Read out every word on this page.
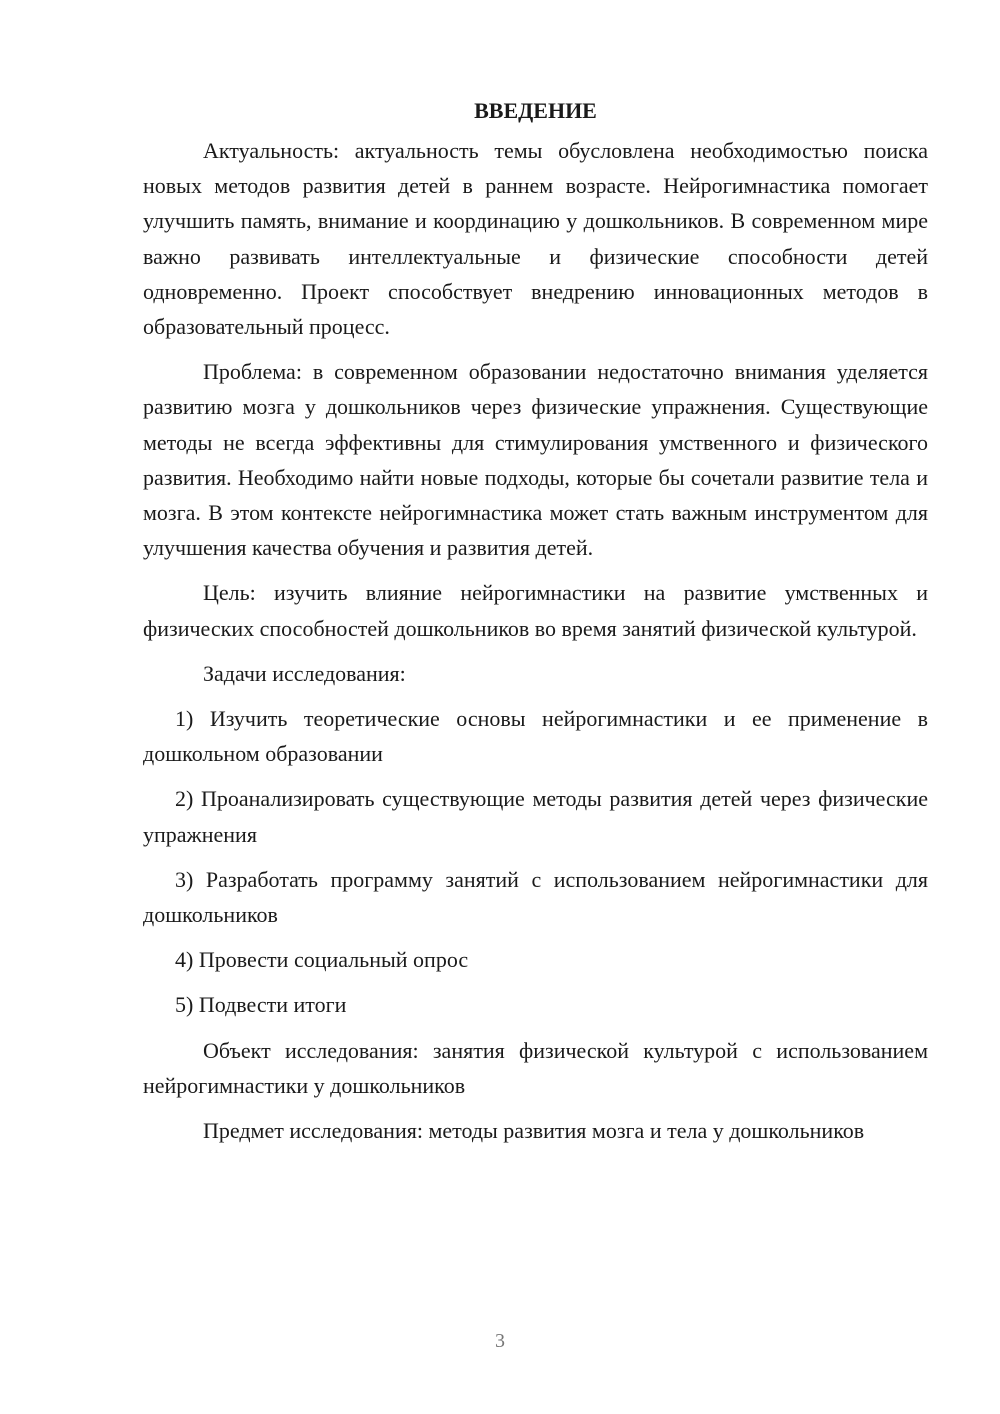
ВВЕДЕНИЕ

Актуальность: актуальность темы обусловлена необходимостью поиска новых методов развития детей в раннем возрасте. Нейрогимнастика помогает улучшить память, внимание и координацию у дошкольников. В современном мире важно развивать интеллектуальные и физические способности детей одновременно. Проект способствует внедрению инновационных методов в образовательный процесс.

Проблема: в современном образовании недостаточно внимания уделяется развитию мозга у дошкольников через физические упражнения. Существующие методы не всегда эффективны для стимулирования умственного и физического развития. Необходимо найти новые подходы, которые бы сочетали развитие тела и мозга. В этом контексте нейрогимнастика может стать важным инструментом для улучшения качества обучения и развития детей.

Цель: изучить влияние нейрогимнастики на развитие умственных и физических способностей дошкольников во время занятий физической культурой.

Задачи исследования:

1) Изучить теоретические основы нейрогимнастики и ее применение в дошкольном образовании

2) Проанализировать существующие методы развития детей через физические упражнения

3) Разработать программу занятий с использованием нейрогимнастики для дошкольников

4) Провести социальный опрос

5) Подвести итоги

Объект исследования: занятия физической культурой с использованием нейрогимнастики у дошкольников

Предмет исследования: методы развития мозга и тела у дошкольников

3
